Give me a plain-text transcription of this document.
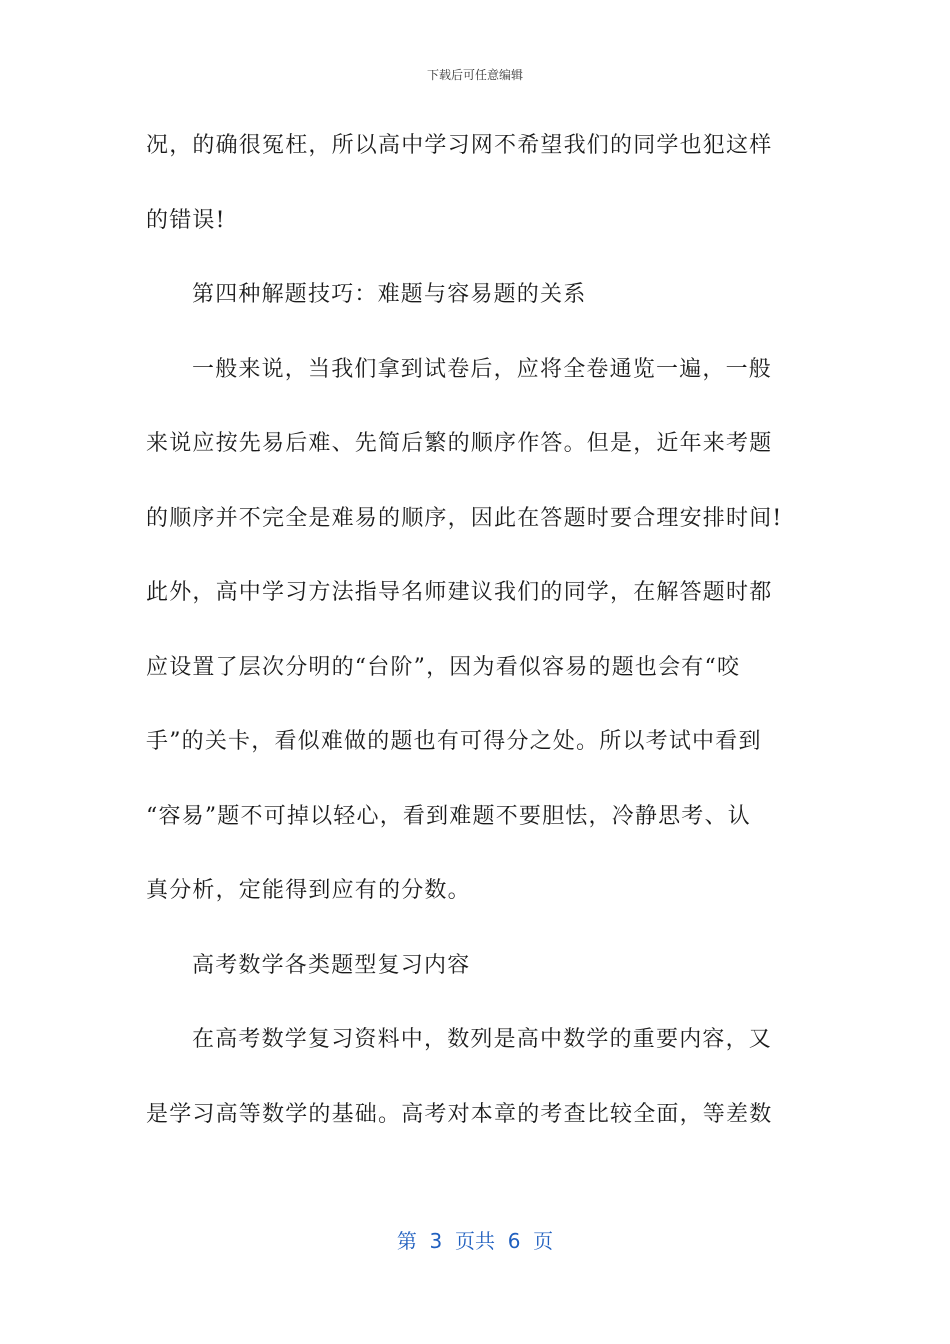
下载后可任意编辑
况，的确很冤枉，所以高中学习网不希望我们的同学也犯这样
的错误!
第四种解题技巧：难题与容易题的关系
一般来说，当我们拿到试卷后，应将全卷通览一遍，一般
来说应按先易后难、先简后繁的顺序作答。但是，近年来考题
的顺序并不完全是难易的顺序，因此在答题时要合理安排时间!
此外，高中学习方法指导名师建议我们的同学，在解答题时都
应设置了层次分明的“台阶”，因为看似容易的题也会有“咬
手”的关卡，看似难做的题也有可得分之处。所以考试中看到
“容易”题不可掉以轻心，看到难题不要胆怯，冷静思考、认
真分析，定能得到应有的分数。
高考数学各类题型复习内容
在高考数学复习资料中，数列是高中数学的重要内容，又
是学习高等数学的基础。高考对本章的考查比较全面，等差数
第  3  页共  6  页
